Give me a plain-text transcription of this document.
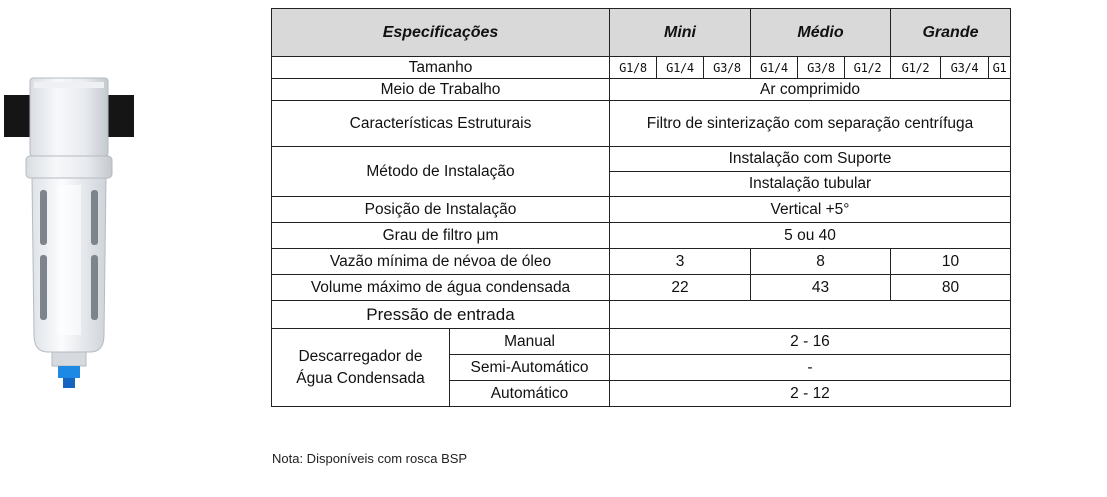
Especificações		Mini			Médio			Grande		
Tamanho		G1/8	G1/4	G3/8	G1/4	G3/8	G1/2	G1/2	G3/4	G1
Meio de Trabalho		Ar comprimido								
Características Estruturais		Filtro de sinterização com separação centrífuga								
Método de Instalação		Instalação com Suporte								
		Instalação tubular								
Posição de Instalação		Vertical +5°								
Grau de filtro μm		5 ou 40								
Vazão mínima de névoa de óleo		3			8			10		
Volume máximo de água condensada		22			43			80		
Pressão de entrada										
Descarregador de
Água Condensada	Manual	2 - 16								
	Semi-Automático	-								
	Automático	2 - 12								
Nota: Disponíveis com rosca BSP
